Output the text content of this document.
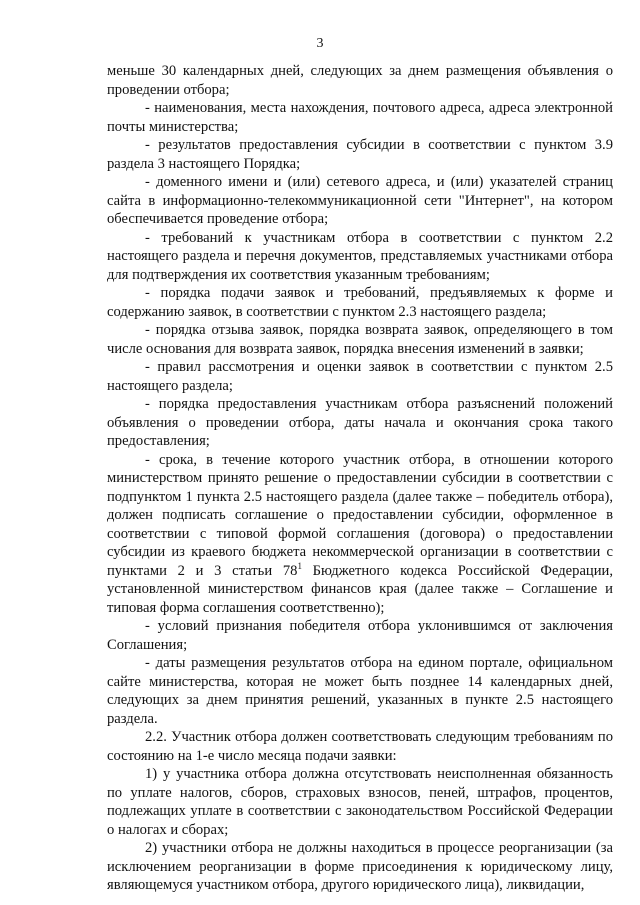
3

меньше 30 календарных дней, следующих за днем размещения объявления о проведении отбора;

- наименования, места нахождения, почтового адреса, адреса электронной почты министерства;

- результатов предоставления субсидии в соответствии с пунктом 3.9 раздела 3 настоящего Порядка;

- доменного имени и (или) сетевого адреса, и (или) указателей страниц сайта в информационно-телекоммуникационной сети "Интернет", на котором обеспечивается проведение отбора;

- требований к участникам отбора в соответствии с пунктом 2.2 настоящего раздела и перечня документов, представляемых участниками отбора для подтверждения их соответствия указанным требованиям;

- порядка подачи заявок и требований, предъявляемых к форме и содержанию заявок, в соответствии с пунктом 2.3 настоящего раздела;

- порядка отзыва заявок, порядка возврата заявок, определяющего в том числе основания для возврата заявок, порядка внесения изменений в заявки;

- правил рассмотрения и оценки заявок в соответствии с пунктом 2.5 настоящего раздела;

- порядка предоставления участникам отбора разъяснений положений объявления о проведении отбора, даты начала и окончания срока такого предоставления;

- срока, в течение которого участник отбора, в отношении которого министерством принято решение о предоставлении субсидии в соответствии с подпунктом 1 пункта 2.5 настоящего раздела (далее также – победитель отбора), должен подписать соглашение о предоставлении субсидии, оформленное в соответствии с типовой формой соглашения (договора) о предоставлении субсидии из краевого бюджета некоммерческой организации в соответствии с пунктами 2 и 3 статьи $78^1$ Бюджетного кодекса Российской Федерации, установленной министерством финансов края (далее также – Соглашение и типовая форма соглашения соответственно);

- условий признания победителя отбора уклонившимся от заключения Соглашения;

- даты размещения результатов отбора на едином портале, официальном сайте министерства, которая не может быть позднее 14 календарных дней, следующих за днем принятия решений, указанных в пункте 2.5 настоящего раздела.

2.2. Участник отбора должен соответствовать следующим требованиям по состоянию на 1-е число месяца подачи заявки:

1) у участника отбора должна отсутствовать неисполненная обязанность по уплате налогов, сборов, страховых взносов, пеней, штрафов, процентов, подлежащих уплате в соответствии с законодательством Российской Федерации о налогах и сборах;

2) участники отбора не должны находиться в процессе реорганизации (за исключением реорганизации в форме присоединения к юридическому лицу, являющемуся участником отбора, другого юридического лица), ликвидации,
